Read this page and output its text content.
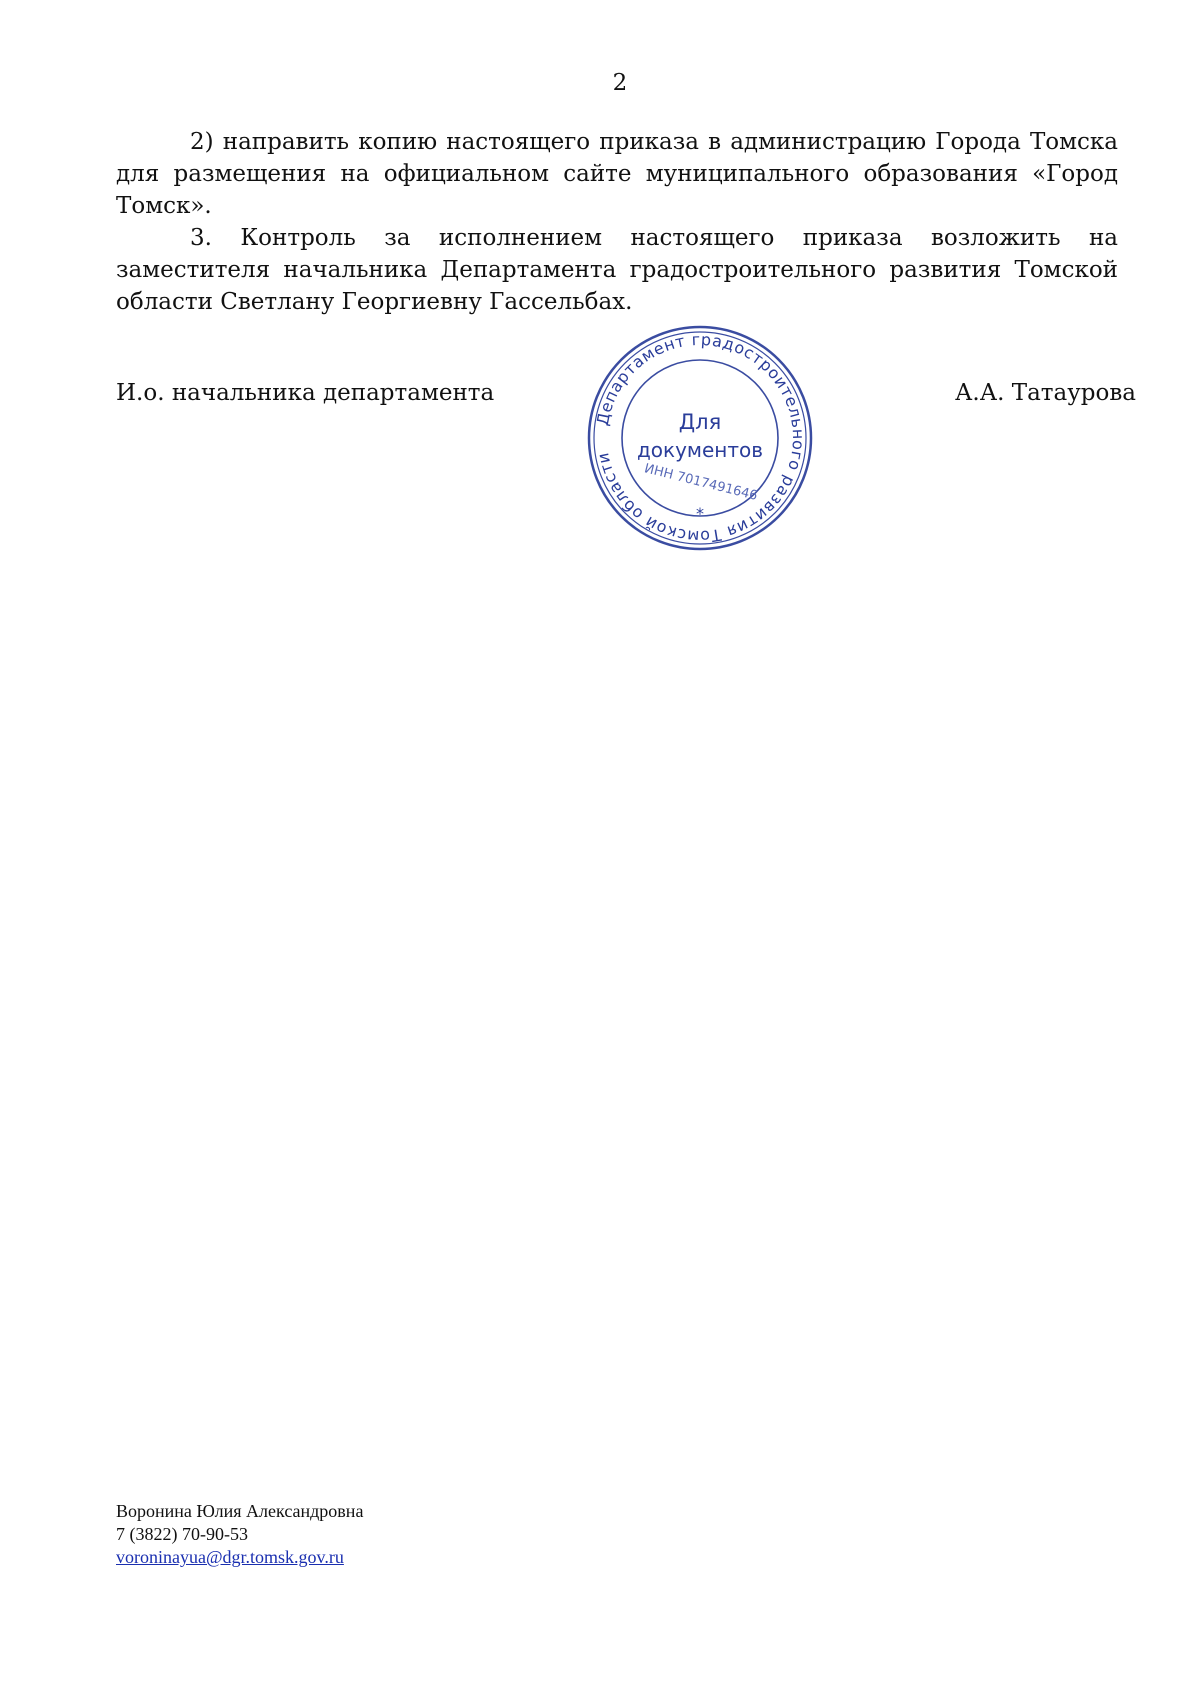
2

2) направить копию настоящего приказа в администрацию Города Томска для размещения на официальном сайте муниципального образования «Город Томск».

3. Контроль за исполнением настоящего приказа возложить на заместителя начальника Департамента градостроительного развития Томской области Светлану Георгиевну Гассельбах.

И.о. начальника департамента	А.А. Татаурова
Департамент градостроительного развития Томской области
Для
документов
ИНН 7017491646
*
Воронина Юлия Александровна
7 (3822) 70-90-53
voroninayua@dgr.tomsk.gov.ru
